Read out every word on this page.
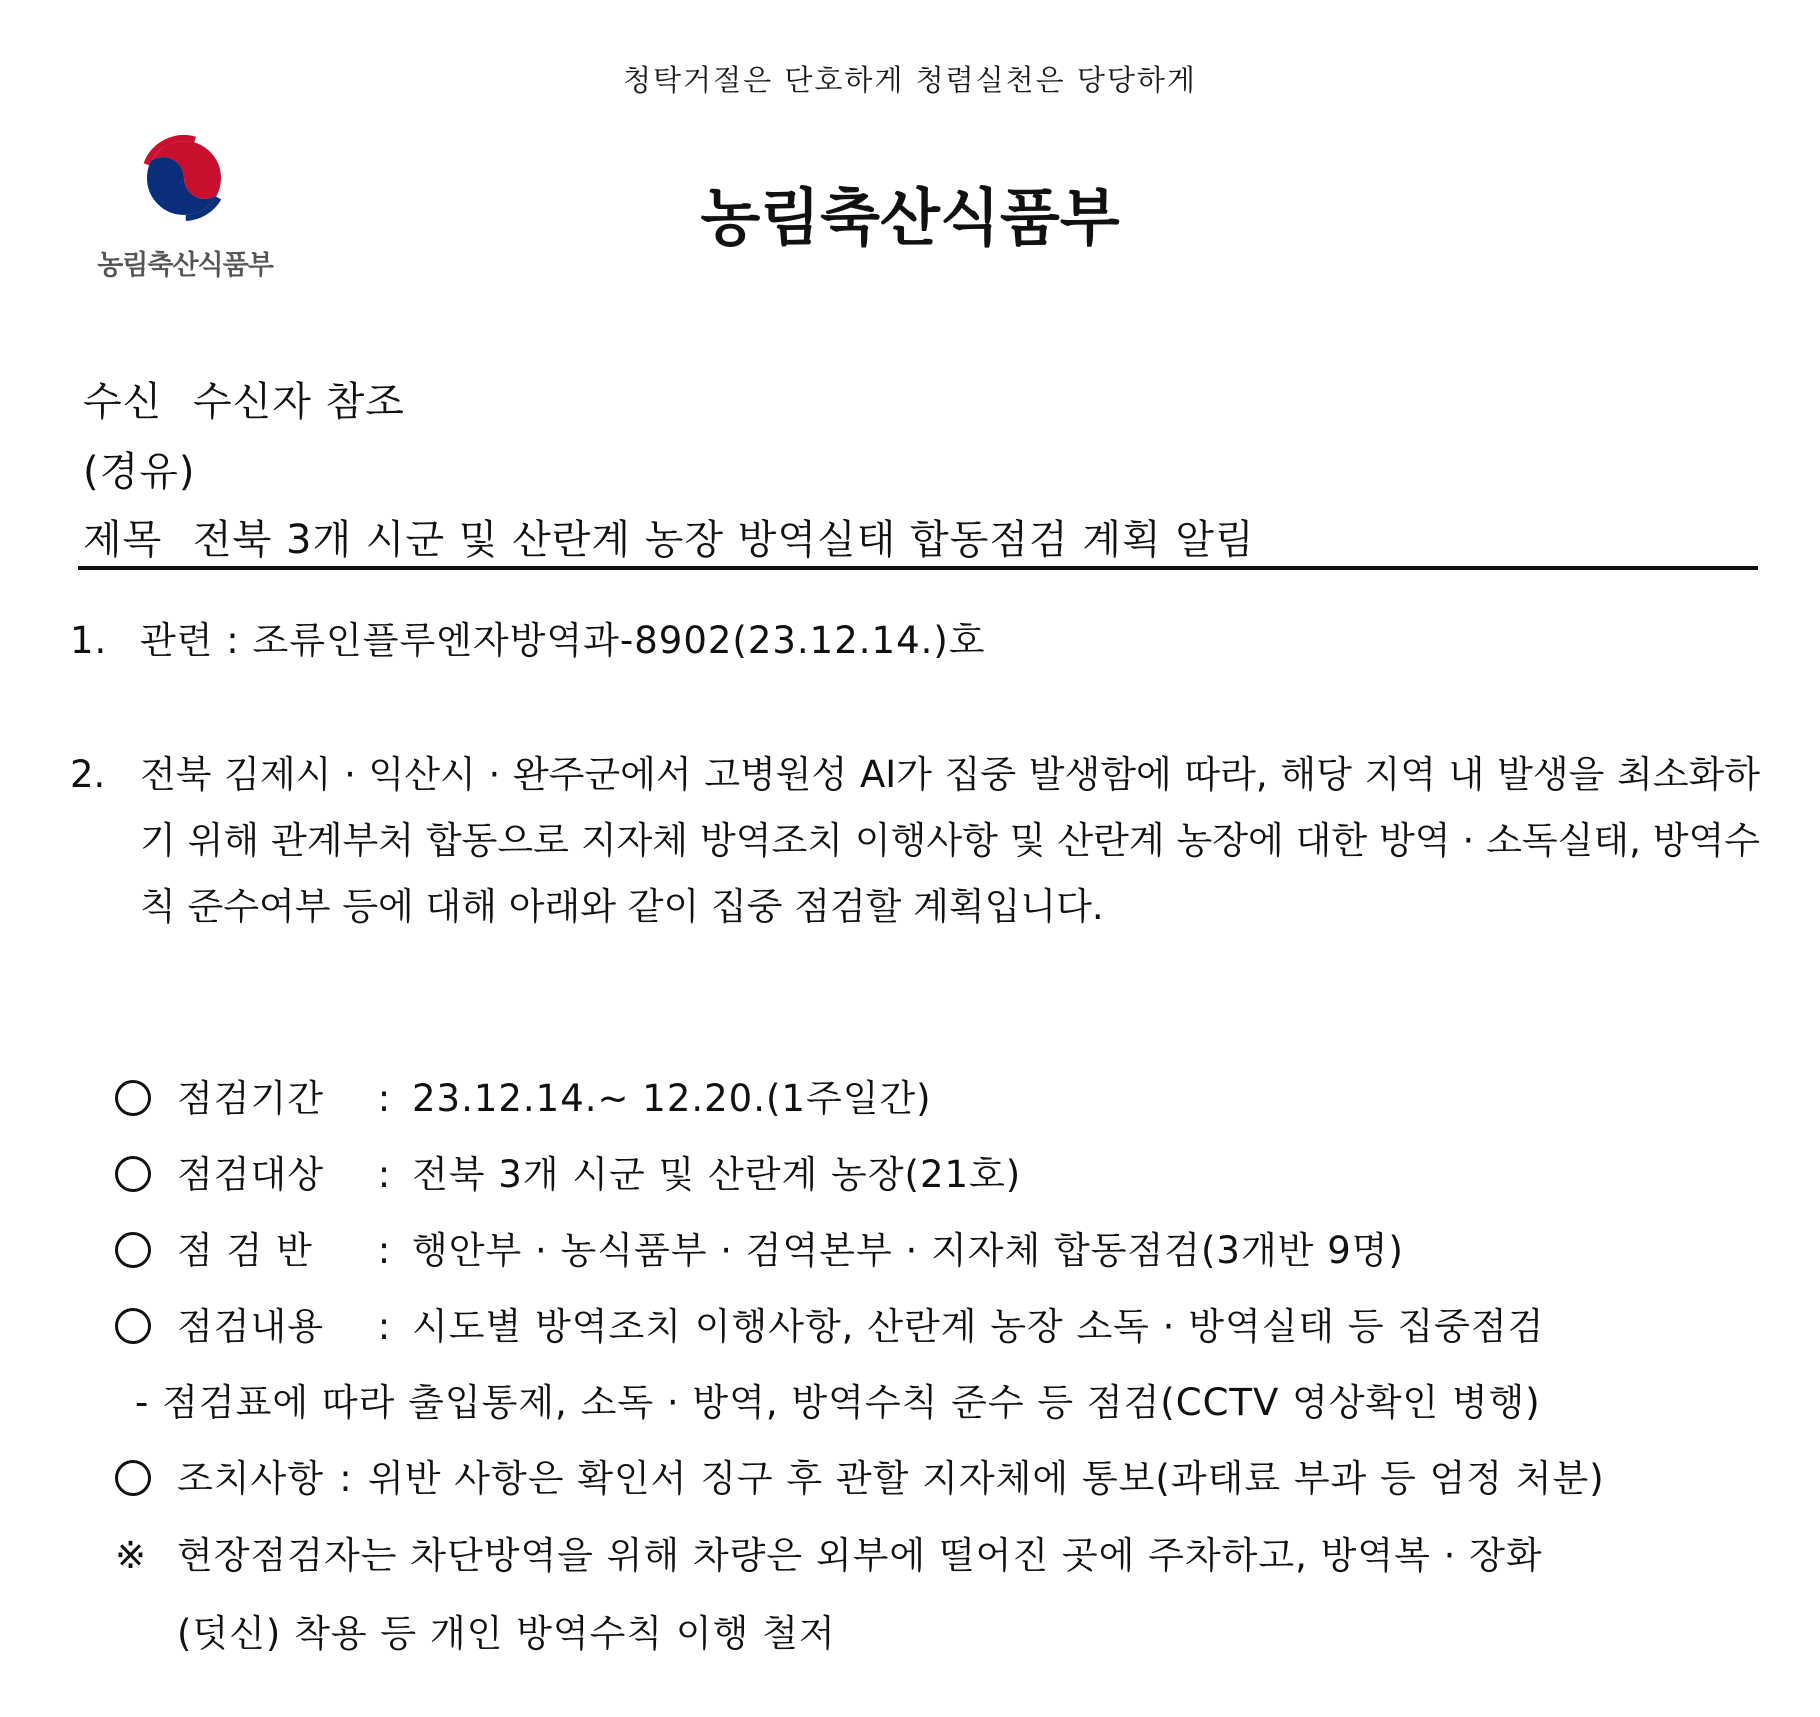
청탁거절은 단호하게 청렴실천은 당당하게
농림축산식품부
농림축산식품부
수신 수신자 참조
(경유)
제목 전북 3개 시군 및 산란계 농장 방역실태 합동점검 계획 알림
1. 관련 : 조류인플루엔자방역과-8902(23.12.14.)호
2. 전북 김제시 · 익산시 · 완주군에서 고병원성 AI가 집중 발생함에 따라, 해당 지역 내 발생을 최소화하기 위해 관계부처 합동으로 지자체 방역조치 이행사항 및 산란계 농장에 대한 방역 · 소독실태, 방역수칙 준수여부 등에 대해 아래와 같이 집중 점검할 계획입니다.
점검기간 : 23.12.14.~ 12.20.(1주일간)
점검대상 : 전북 3개 시군 및 산란계 농장(21호)
점 검 반 : 행안부 · 농식품부 · 검역본부 · 지자체 합동점검(3개반 9명)
점검내용 : 시도별 방역조치 이행사항, 산란계 농장 소독 · 방역실태 등 집중점검
- 점검표에 따라 출입통제, 소독 · 방역, 방역수칙 준수 등 점검(CCTV 영상확인 병행)
조치사항 : 위반 사항은 확인서 징구 후 관할 지자체에 통보(과태료 부과 등 엄정 처분)
※ 현장점검자는 차단방역을 위해 차량은 외부에 떨어진 곳에 주차하고, 방역복 · 장화
(덧신) 착용 등 개인 방역수칙 이행 철저
